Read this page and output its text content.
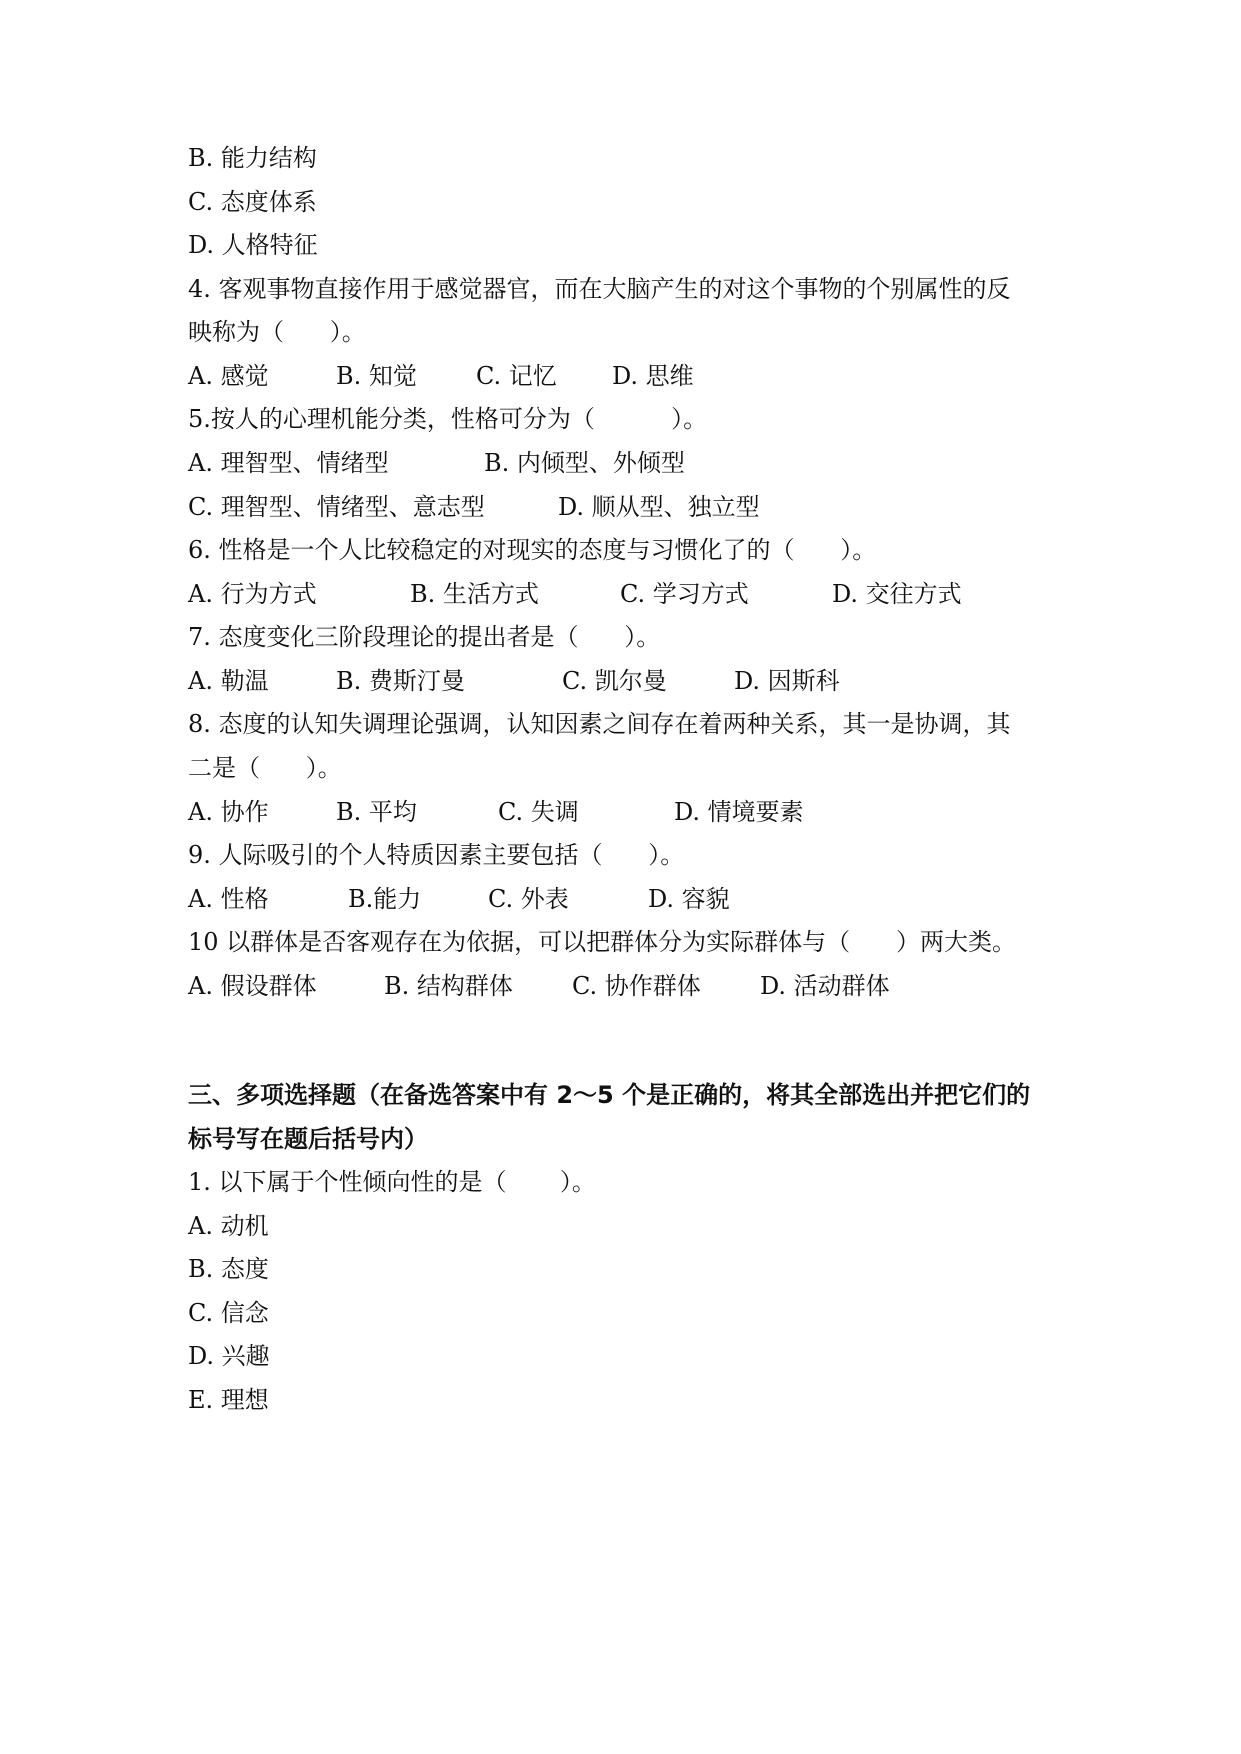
B. 能力结构
C. 态度体系
D. 人格特征
4. 客观事物直接作用于感觉器官，而在大脑产生的对这个事物的个别属性的反
映称为（      ）。

A. 感觉

	B. 知觉

C. 记忆

D. 思维

5.按人的心理机能分类，性格可分为（          ）。

A. 理智型、情绪型

	B. 内倾型、外倾型

C. 理智型、情绪型、意志型

	D. 顺从型、独立型

6. 性格是一个人比较稳定的对现实的态度与习惯化了的（      ）。

A. 行为方式

	B. 生活方式

	C. 学习方式

	D. 交往方式

7. 态度变化三阶段理论的提出者是（      ）。

A. 勒温

	B. 费斯汀曼

	C. 凯尔曼

	D. 因斯科

8. 态度的认知失调理论强调，认知因素之间存在着两种关系，其一是协调，其
二是（      ）。

A. 协作

	B. 平均

	C. 失调

	D. 情境要素

9. 人际吸引的个人特质因素主要包括（      ）。

A. 性格

	B.能力

	C. 外表

	D. 容貌

10 以群体是否客观存在为依据，可以把群体分为实际群体与（      ）两大类。

A. 假设群体

	B. 结构群体

C. 协作群体

D. 活动群体

三、多项选择题（在备选答案中有 2～5 个是正确的，将其全部选出并把它们的
标号写在题后括号内）
1. 以下属于个性倾向性的是（       ）。
A. 动机
B. 态度
C. 信念
D. 兴趣
E. 理想
